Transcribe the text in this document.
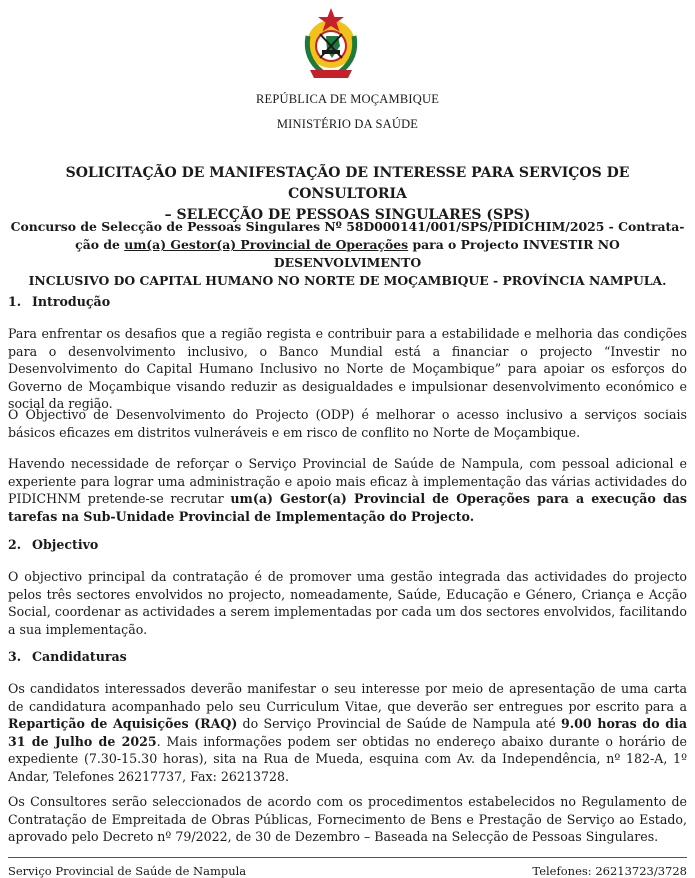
REPÚBLICA DE MOÇAMBIQUE
MINISTÉRIO DA SAÚDE
SOLICITAÇÃO DE MANIFESTAÇÃO DE INTERESSE PARA SERVIÇOS DE CONSULTORIA
– SELECÇÃO DE PESSOAS SINGULARES (SPS)
Concurso de Selecção de Pessoas Singulares Nº 58D000141/001/SPS/PIDICHIM/2025 - Contrata-
ção de um(a) Gestor(a) Provincial de Operações para o Projecto INVESTIR NO DESENVOLVIMENTO
INCLUSIVO DO CAPITAL HUMANO NO NORTE DE MOÇAMBIQUE - PROVÍNCIA NAMPULA.
1. Introdução
Para enfrentar os desafios que a região regista e contribuir para a estabilidade e melhoria das condições para o desenvolvimento inclusivo, o Banco Mundial está a financiar o projecto “Investir no Desenvolvimento do Capital Humano Inclusivo no Norte de Moçambique” para apoiar os esforços do Governo de Moçambique visando reduzir as desigualdades e impulsionar desenvolvimento económico e social da região.
O Objectivo de Desenvolvimento do Projecto (ODP) é melhorar o acesso inclusivo a serviços sociais básicos eficazes em distritos vulneráveis e em risco de conflito no Norte de Moçambique.
Havendo necessidade de reforçar o Serviço Provincial de Saúde de Nampula, com pessoal adicional e experiente para lograr uma administração e apoio mais eficaz à implementação das várias actividades do PIDICHNM pretende-se recrutar um(a) Gestor(a) Provincial de Operações para a execução das tarefas na Sub-Unidade Provincial de Implementação do Projecto.
2. Objectivo
O objectivo principal da contratação é de promover uma gestão integrada das actividades do projecto pelos três sectores envolvidos no projecto, nomeadamente, Saúde, Educação e Género, Criança e Acção Social, coordenar as actividades a serem implementadas por cada um dos sectores envolvidos, facilitando a sua implementação.
3. Candidaturas
Os candidatos interessados deverão manifestar o seu interesse por meio de apresentação de uma carta de candidatura acompanhado pelo seu Curriculum Vitae, que deverão ser entregues por escrito para a Repartição de Aquisições (RAQ) do Serviço Provincial de Saúde de Nampula até 9.00 horas do dia 31 de Julho de 2025. Mais informações podem ser obtidas no endereço abaixo durante o horário de expediente (7.30-15.30 horas), sita na Rua de Mueda, esquina com Av. da Independência, nº 182-A, 1º Andar, Telefones 26217737, Fax: 26213728.
Os Consultores serão seleccionados de acordo com os procedimentos estabelecidos no Regulamento de Contratação de Empreitada de Obras Públicas, Fornecimento de Bens e Prestação de Serviço ao Estado, aprovado pelo Decreto nº 79/2022, de 30 de Dezembro – Baseada na Selecção de Pessoas Singulares.
Serviço Provincial de Saúde de Nampula	Telefones: 26213723/3728
